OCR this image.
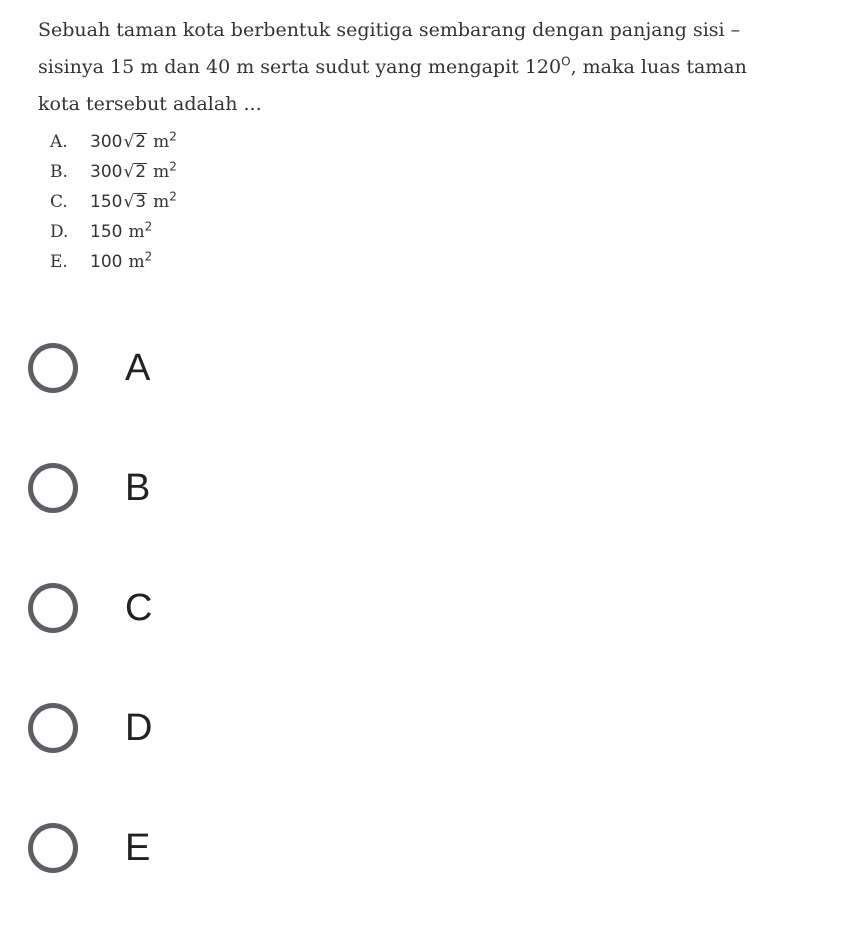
Sebuah taman kota berbentuk segitiga sembarang dengan panjang sisi –
sisinya 15 m dan 40 m serta sudut yang mengapit $120^O$, maka luas taman
kota tersebut adalah ...

A.	300√2 $m^2$
B.	300√2 $m^2$
C.	150√3 $m^2$
D.	150 $m^2$
E.	100 $m^2$
A
B
C
D
E
